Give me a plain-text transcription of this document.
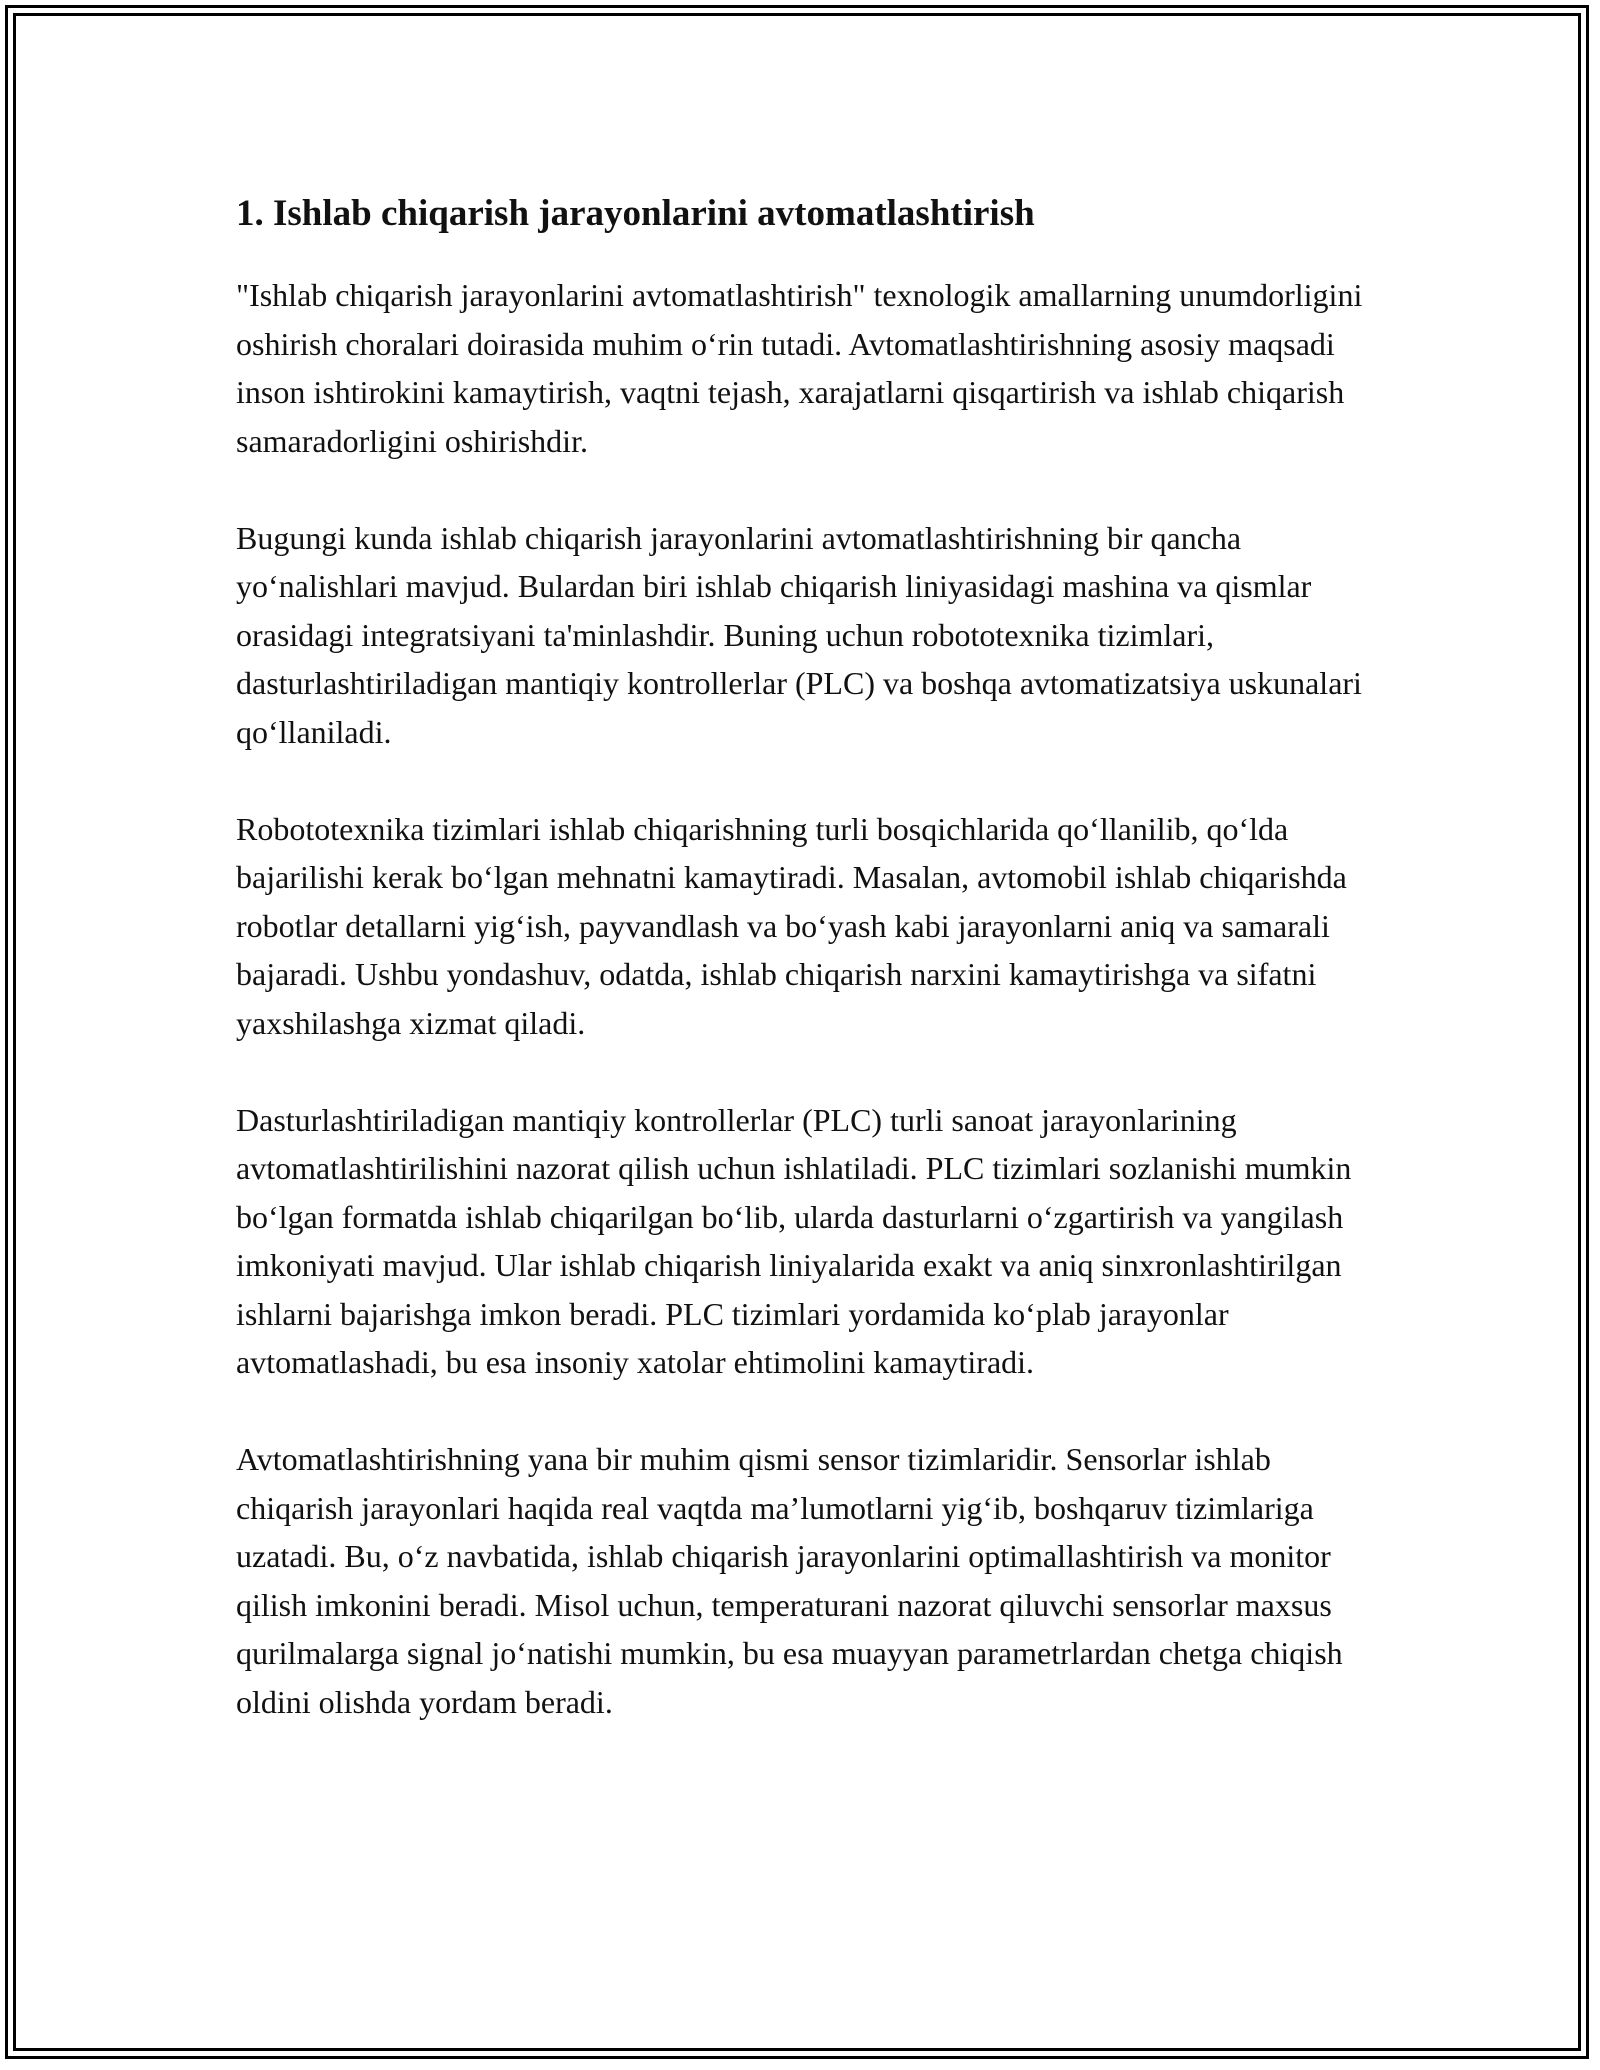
1. Ishlab chiqarish jarayonlarini avtomatlashtirish

"Ishlab chiqarish jarayonlarini avtomatlashtirish" texnologik amallarning unumdorligini oshirish choralari doirasida muhim o‘rin tutadi. Avtomatlashtirishning asosiy maqsadi inson ishtirokini kamaytirish, vaqtni tejash, xarajatlarni qisqartirish va ishlab chiqarish samaradorligini oshirishdir.

Bugungi kunda ishlab chiqarish jarayonlarini avtomatlashtirishning bir qancha yo‘nalishlari mavjud. Bulardan biri ishlab chiqarish liniyasidagi mashina va qismlar orasidagi integratsiyani ta'minlashdir. Buning uchun robototexnika tizimlari, dasturlashtiriladigan mantiqiy kontrollerlar (PLC) va boshqa avtomatizatsiya uskunalari qo‘llaniladi.

Robototexnika tizimlari ishlab chiqarishning turli bosqichlarida qo‘llanilib, qo‘lda bajarilishi kerak bo‘lgan mehnatni kamaytiradi. Masalan, avtomobil ishlab chiqarishda robotlar detallarni yig‘ish, payvandlash va bo‘yash kabi jarayonlarni aniq va samarali bajaradi. Ushbu yondashuv, odatda, ishlab chiqarish narxini kamaytirishga va sifatni yaxshilashga xizmat qiladi.

Dasturlashtiriladigan mantiqiy kontrollerlar (PLC) turli sanoat jarayonlarining avtomatlashtirilishini nazorat qilish uchun ishlatiladi. PLC tizimlari sozlanishi mumkin bo‘lgan formatda ishlab chiqarilgan bo‘lib, ularda dasturlarni o‘zgartirish va yangilash imkoniyati mavjud. Ular ishlab chiqarish liniyalarida exakt va aniq sinxronlashtirilgan ishlarni bajarishga imkon beradi. PLC tizimlari yordamida ko‘plab jarayonlar avtomatlashadi, bu esa insoniy xatolar ehtimolini kamaytiradi.

Avtomatlashtirishning yana bir muhim qismi sensor tizimlaridir. Sensorlar ishlab chiqarish jarayonlari haqida real vaqtda ma’lumotlarni yig‘ib, boshqaruv tizimlariga uzatadi. Bu, o‘z navbatida, ishlab chiqarish jarayonlarini optimallashtirish va monitor qilish imkonini beradi. Misol uchun, temperaturani nazorat qiluvchi sensorlar maxsus qurilmalarga signal jo‘natishi mumkin, bu esa muayyan parametrlardan chetga chiqish oldini olishda yordam beradi.
